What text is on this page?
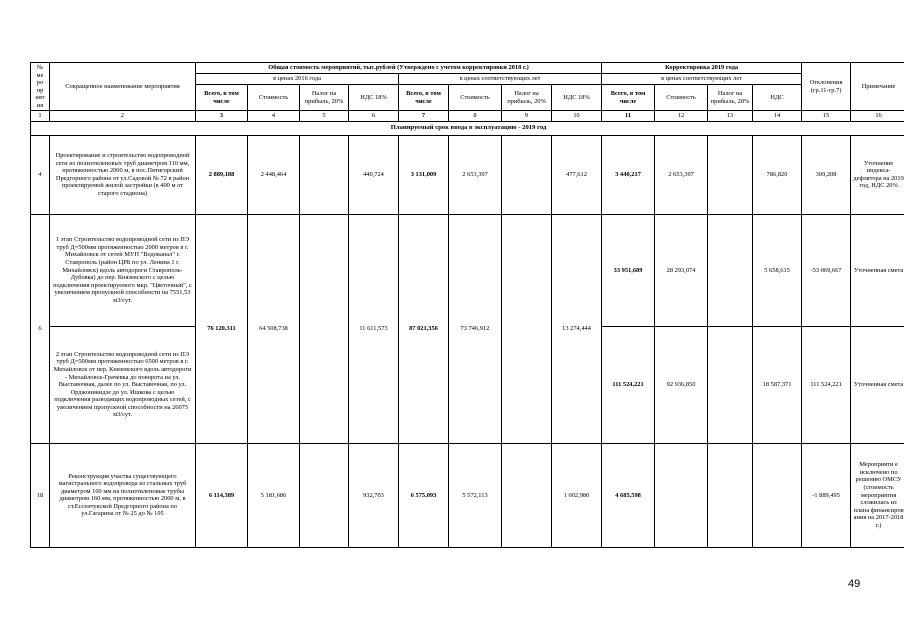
№ ме ро пр ият ия	Сокращенное наименование мероприятия	Общая стоимость мероприятий, тыс.рублей (Утверждено с учетом корректировки 2018 г.)								Корректировка 2019 года				Отклонения (гр.11-гр.7)	Примечание
		в ценах 2016 года				в ценах соответствующих лет				в ценах соответствующих лет					
		Всего, в том числе	Стоимость	Налог на прибыль, 20%	НДС 18%	Всего, в том числе	Стоимость	Налог на прибыль, 20%	НДС 18%	Всего, в том числе	Стоимость	Налог на прибыль, 20%	НДС		
1	2	3	4	5	6	7	8	9	10	11	12	13	14	15	16
Планируемый срок ввода в эксплуатацию - 2019 год															
4	Проектирование и строительство водопроводной сети из полиэтиленовых труб диаметром 110 мм, протяженностью 2000 м, в пос.Пятигорский Предгорного района от ул.Садовой № 72 в район проектируемой жилой застройки (в 400 м от старого стадиона)	2 889,188	2 448,464		440,724	3 131,009	2 653,397		477,612	3 440,217	2 653,397		786,820	309,208	Уточнение индекса-дефлятора на 2019 год, НДС 20%
6	1 этап Строительство водопроводной сети из ПЭ труб Д=500мм протяженностью 2000 метров в г. Михайловск от сетей МУП "Водоканал" г. Ставрополь (район ЦРБ по ул. Ленина 1 г. Михайловск) вдоль автодороги Ставрополь-Дубовка) до пер. Князевского с целью подключения проектируемого мкр. "Цветочный", с увеличением пропускной способности на 7551,53 м3/сут.	76 120,311	64 508,738		11 611,573	87 021,356	73 746,912		13 274,444	33 951,689	28 293,074		5 658,615	-53 069,667	Уточненная смета
	2 этап Строительство водопроводной сети из ПЭ труб Д=500мм протяженностью 6500 метров в г. Михайловск от пер. Князевского вдоль автодороги - Михайловск-Грачевка до поворота на ул. Выставочная, далее по ул. Выставочная, по ул. Орджоникидзе до ул. Ишкова с целью подключения разводящих водопроводных сетей, с увеличением пропускной способности на 26075 м3/сут.									111 524,221	92 936,850		18 587,371	111 524,221	Уточненная смета
18	Реконструкция участка существующего магистрального водопровода из стальных труб диаметром 100 мм на полиэтиленовые трубы диаметром 160 мм, протяженностью 2000 м, в ст.Ессентукской Предгорного района по ул.Гагарина от № 25 до № 195	6 114,389	5 181,686		932,703	6 575,093	5 572,113		1 002,980	4 685,598				-1 889,495	Мероприяти е исключено по решению ОМСУ (стоимость мероприятия сложилась из плана финансиров ания на 2017-2018 г.)
49
